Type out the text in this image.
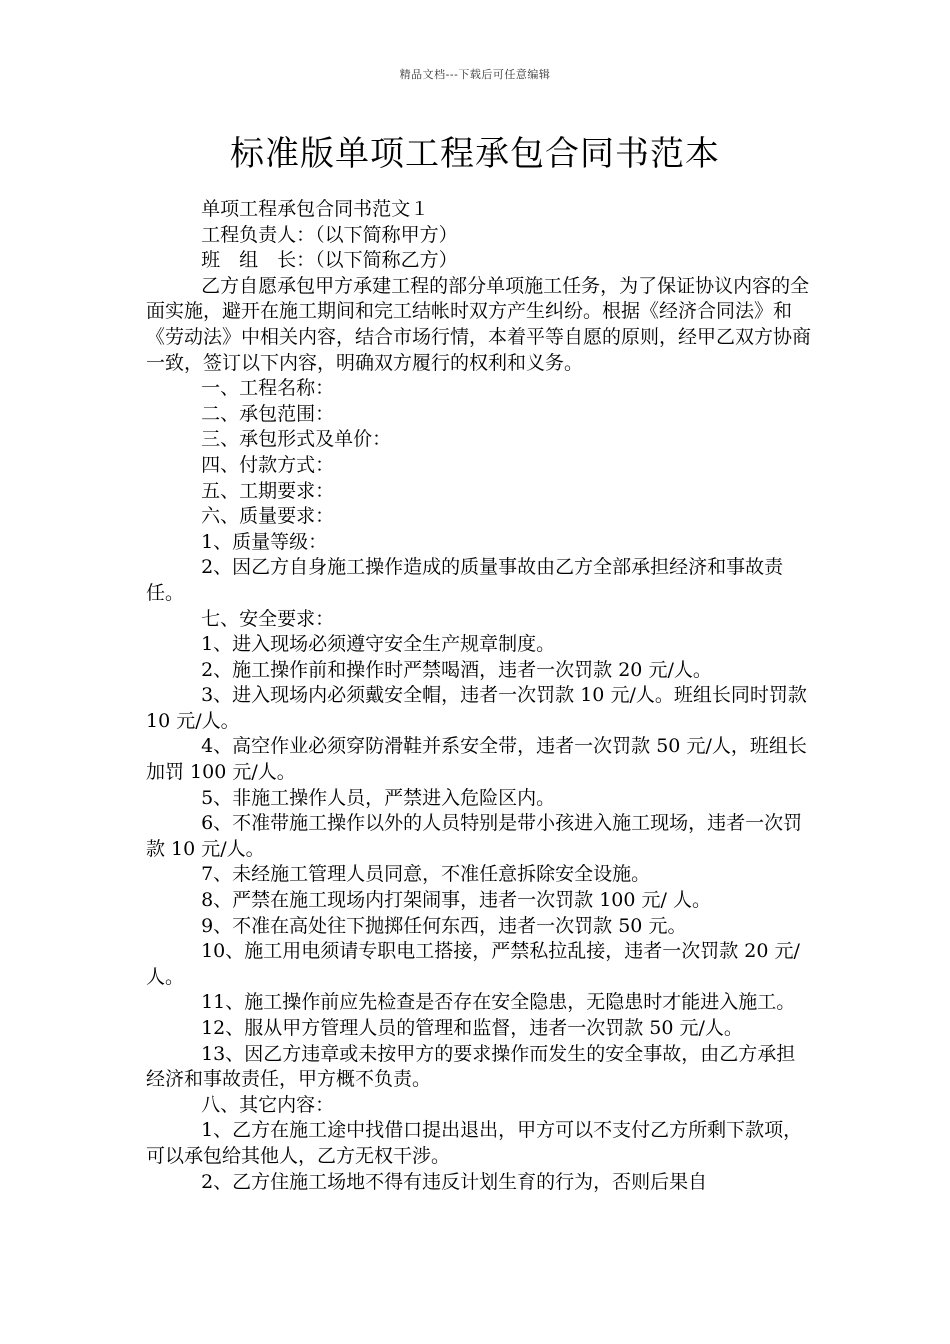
精品文档---下载后可任意编辑
标准版单项工程承包合同书范本

单项工程承包合同书范文１

工程负责人：（以下简称甲方）

班　组　长：（以下简称乙方）

乙方自愿承包甲方承建工程的部分单项施工任务，为了保证协议内容的全面实施，避开在施工期间和完工结帐时双方产生纠纷。根据《经济合同法》和《劳动法》中相关内容，结合市场行情，本着平等自愿的原则，经甲乙双方协商一致，签订以下内容，明确双方履行的权利和义务。

一、工程名称：

二、承包范围：

三、承包形式及单价：

四、付款方式：

五、工期要求：

六、质量要求：

1、质量等级：

2、因乙方自身施工操作造成的质量事故由乙方全部承担经济和事故责任。

七、安全要求：

1、进入现场必须遵守安全生产规章制度。

2、施工操作前和操作时严禁喝酒，违者一次罚款 20 元/人。

3、进入现场内必须戴安全帽，违者一次罚款 10 元/人。班组长同时罚款 10 元/人。

4、高空作业必须穿防滑鞋并系安全带，违者一次罚款 50 元/人，班组长加罚 100 元/人。

5、非施工操作人员，严禁进入危险区内。

6、不准带施工操作以外的人员特别是带小孩进入施工现场，违者一次罚款 10 元/人。

7、未经施工管理人员同意，不准任意拆除安全设施。

8、严禁在施工现场内打架闹事，违者一次罚款 100 元/ 人。

9、不准在高处往下抛掷任何东西，违者一次罚款 50 元。

10、施工用电须请专职电工搭接，严禁私拉乱接，违者一次罚款 20 元/人。

11、施工操作前应先检查是否存在安全隐患，无隐患时才能进入施工。

12、服从甲方管理人员的管理和监督，违者一次罚款 50 元/人。

13、因乙方违章或未按甲方的要求操作而发生的安全事故，由乙方承担经济和事故责任，甲方概不负责。

八、其它内容：

1、乙方在施工途中找借口提出退出，甲方可以不支付乙方所剩下款项，可以承包给其他人，乙方无权干涉。

2、乙方住施工场地不得有违反计划生育的行为，否则后果自
